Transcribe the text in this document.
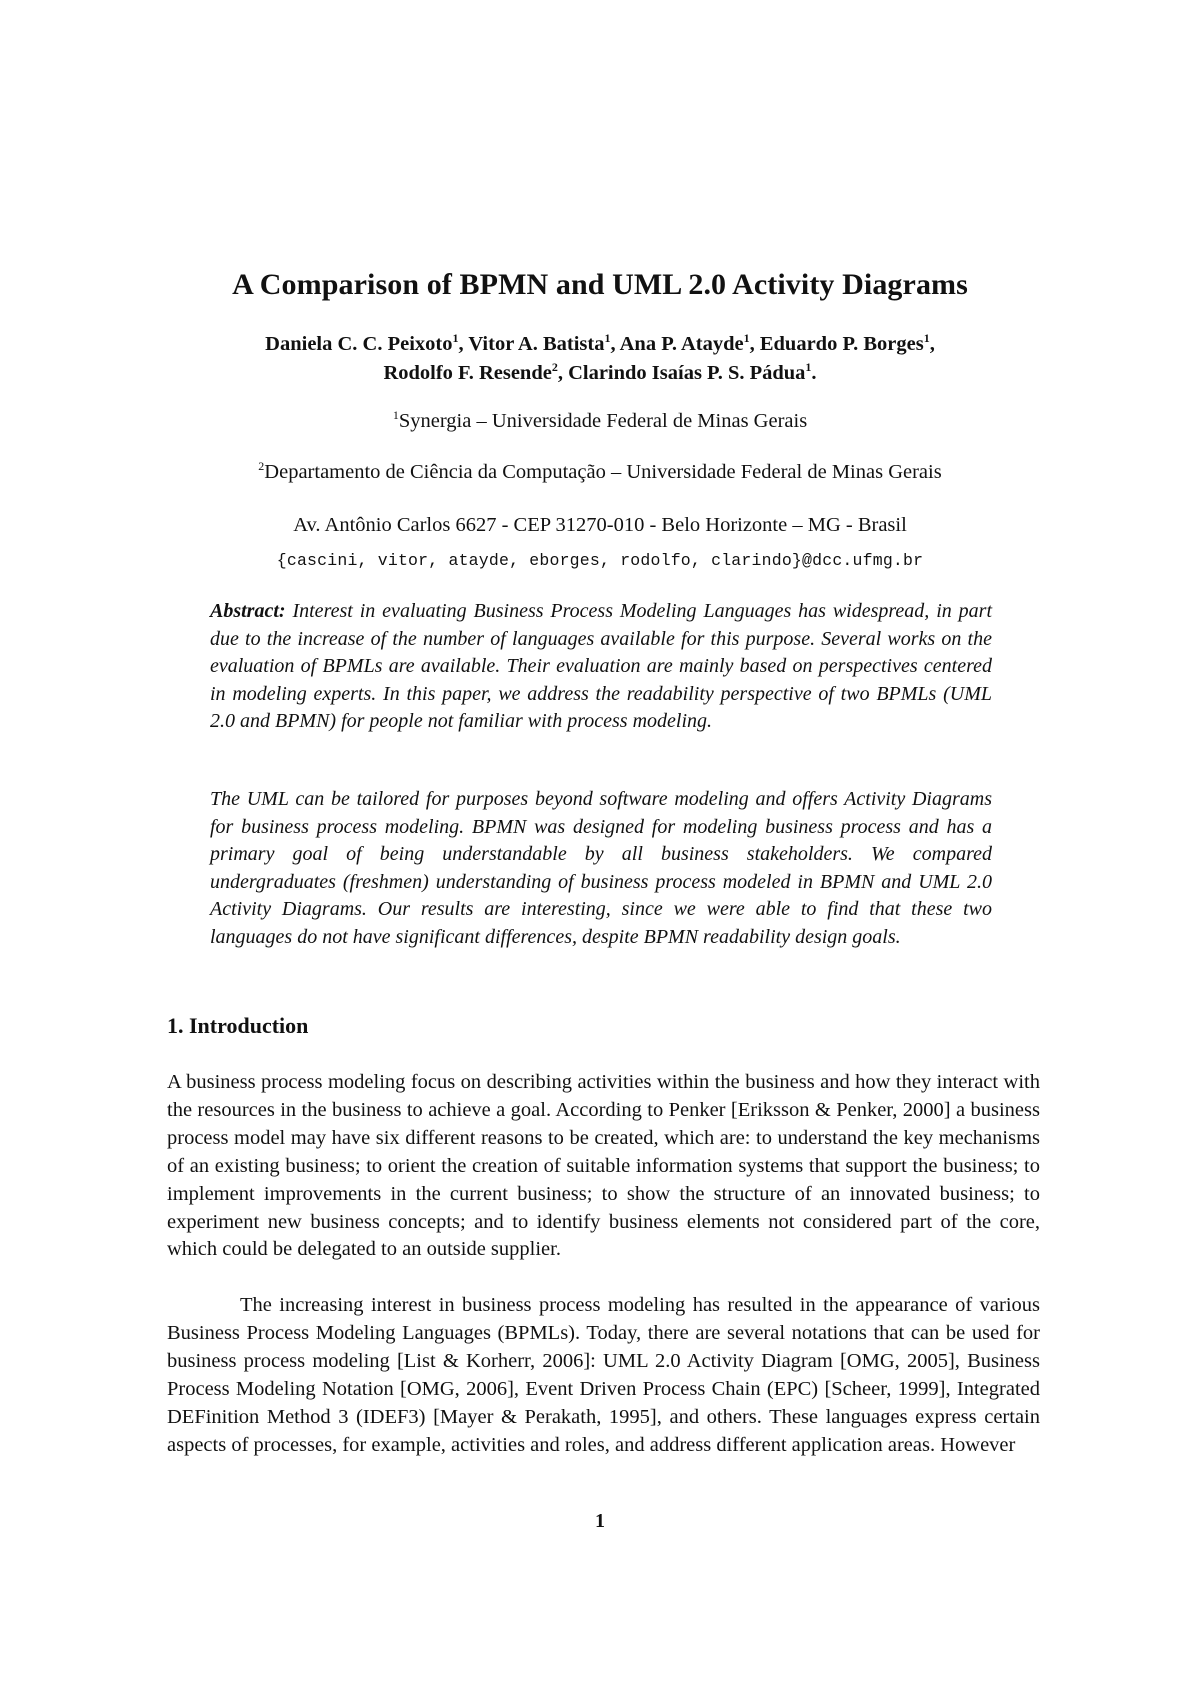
A Comparison of BPMN and UML 2.0 Activity Diagrams
Daniela C. C. Peixoto$^1$, Vitor A. Batista$^1$, Ana P. Atayde$^1$, Eduardo P. Borges$^1$,
Rodolfo F. Resende$^2$, Clarindo Isaías P. S. Pádua$^1$.
$^1$Synergia – Universidade Federal de Minas Gerais
$^2$Departamento de Ciência da Computação – Universidade Federal de Minas Gerais
Av. Antônio Carlos 6627 - CEP 31270-010 - Belo Horizonte – MG - Brasil
{cascini, vitor, atayde, eborges, rodolfo, clarindo}@dcc.ufmg.br
Abstract: Interest in evaluating Business Process Modeling Languages has widespread, in part due to the increase of the number of languages available for this purpose. Several works on the evaluation of BPMLs are available. Their evaluation are mainly based on perspectives centered in modeling experts. In this paper, we address the readability perspective of two BPMLs (UML 2.0 and BPMN) for people not familiar with process modeling.
The UML can be tailored for purposes beyond software modeling and offers Activity Diagrams for business process modeling. BPMN was designed for modeling business process and has a primary goal of being understandable by all business stakeholders. We compared undergraduates (freshmen) understanding of business process modeled in BPMN and UML 2.0 Activity Diagrams. Our results are interesting, since we were able to find that these two languages do not have significant differences, despite BPMN readability design goals.
1. Introduction
A business process modeling focus on describing activities within the business and how they interact with the resources in the business to achieve a goal. According to Penker [Eriksson & Penker, 2000] a business process model may have six different reasons to be created, which are: to understand the key mechanisms of an existing business; to orient the creation of suitable information systems that support the business; to implement improvements in the current business; to show the structure of an innovated business; to experiment new business concepts; and to identify business elements not considered part of the core, which could be delegated to an outside supplier.
The increasing interest in business process modeling has resulted in the appearance of various Business Process Modeling Languages (BPMLs). Today, there are several notations that can be used for business process modeling [List & Korherr, 2006]: UML 2.0 Activity Diagram [OMG, 2005], Business Process Modeling Notation [OMG, 2006], Event Driven Process Chain (EPC) [Scheer, 1999], Integrated DEFinition Method 3 (IDEF3) [Mayer & Perakath, 1995], and others. These languages express certain aspects of processes, for example, activities and roles, and address different application areas. However
1
